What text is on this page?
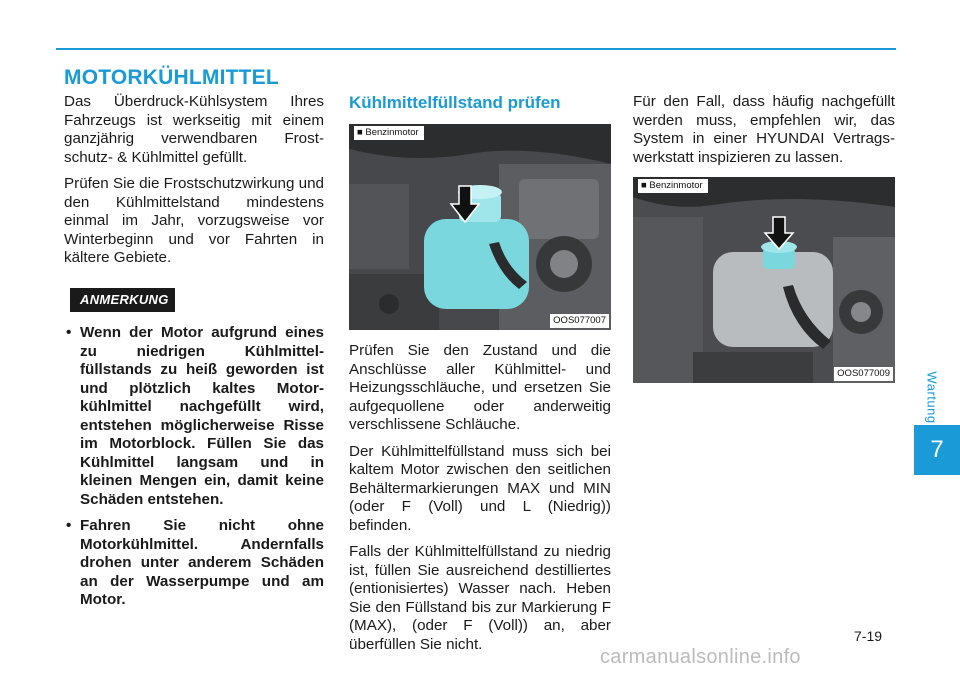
MOTORKÜHLMITTEL

Das Überdruck-Kühlsystem Ihres Fahrzeugs ist werkseitig mit einem ganzjährig verwendbaren Frost-schutz- & Kühlmittel gefüllt.

Prüfen Sie die Frostschutzwirkung und den Kühlmittelstand mindestens einmal im Jahr, vorzugsweise vor Winterbeginn und vor Fahrten in kältere Gebiete.

ANMERKUNG
• Wenn der Motor aufgrund eines zu niedrigen Kühlmittel-füllstands zu heiß geworden ist und plötzlich kaltes Motor-kühlmittel nachgefüllt wird, entstehen möglicherweise Risse im Motorblock. Füllen Sie das Kühlmittel langsam und in kleinen Mengen ein, damit keine Schäden entstehen.
• Fahren Sie nicht ohne Motorkühlmittel. Andernfalls drohen unter anderem Schäden an der Wasserpumpe und am Motor.
Kühlmittelfüllstand prüfen
■ Benzinmotor
OOS077007

Prüfen Sie den Zustand und die Anschlüsse aller Kühlmittel- und Heizungsschläuche, und ersetzen Sie aufgequollene oder anderweitig verschlissene Schläuche.

Der Kühlmittelfüllstand muss sich bei kaltem Motor zwischen den seitlichen Behältermarkierungen MAX und MIN (oder F (Voll) und L (Niedrig)) befinden.

Falls der Kühlmittelfüllstand zu niedrig ist, füllen Sie ausreichend destilliertes (entionisiertes) Wasser nach. Heben Sie den Füllstand bis zur Markierung F (MAX), (oder F (Voll)) an, aber überfüllen Sie nicht.

Für den Fall, dass häufig nachgefüllt werden muss, empfehlen wir, das System in einer HYUNDAI Vertrags-werkstatt inspizieren zu lassen.

■ Benzinmotor
OOS077009	Wartung
7
7-19
carmanualsonline.info
